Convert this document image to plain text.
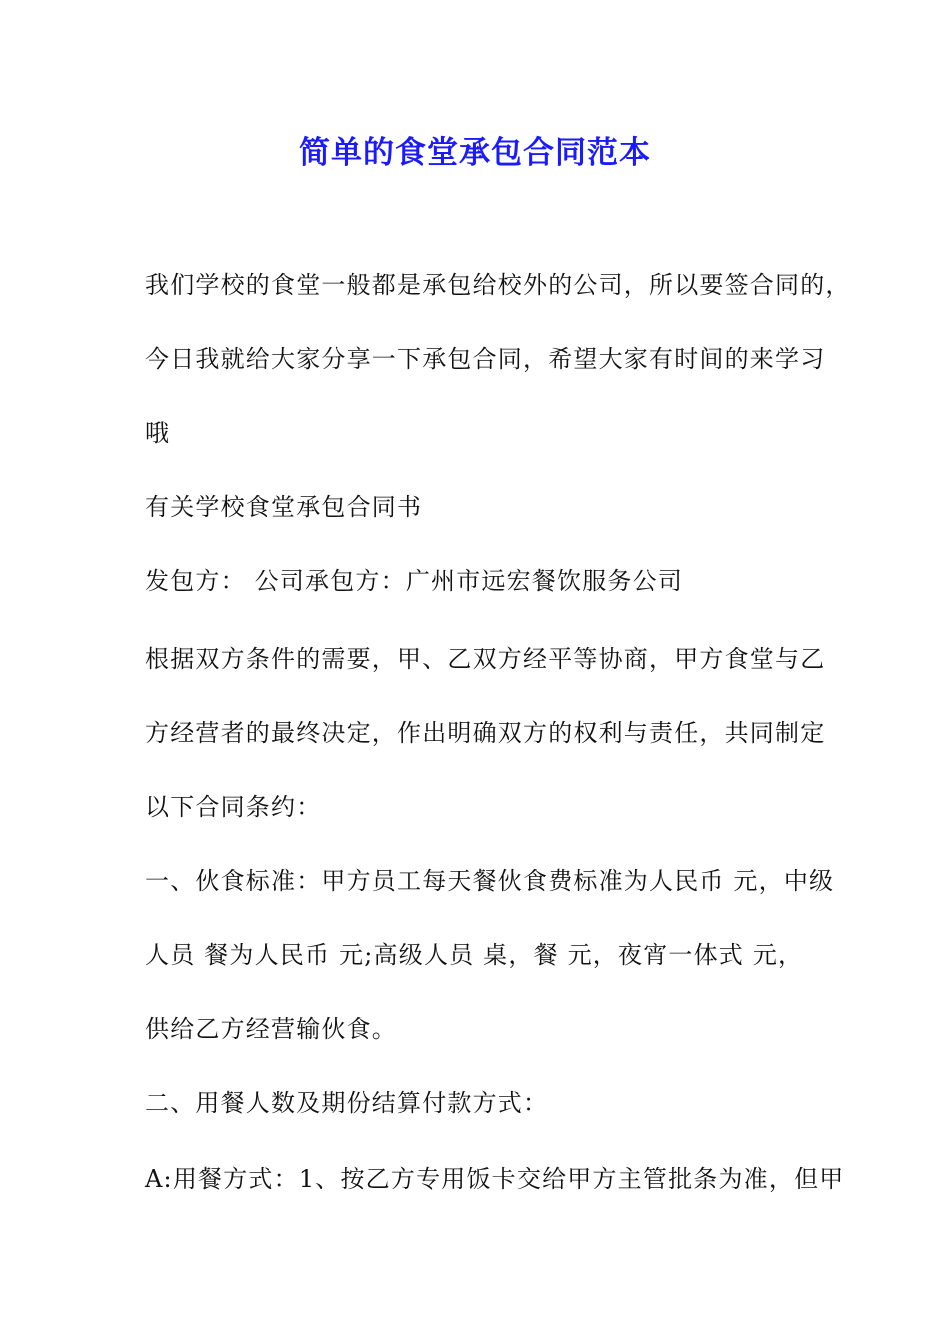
简单的食堂承包合同范本
我们学校的食堂一般都是承包给校外的公司，所以要签合同的，
今日我就给大家分享一下承包合同，希望大家有时间的来学习
哦
有关学校食堂承包合同书
发包方： 公司承包方：广州市远宏餐饮服务公司
根据双方条件的需要，甲、乙双方经平等协商，甲方食堂与乙
方经营者的最终决定，作出明确双方的权利与责任，共同制定
以下合同条约：
一、伙食标准：甲方员工每天餐伙食费标准为人民币 元，中级
人员 餐为人民币 元;高级人员 桌，餐 元，夜宵一体式 元，
供给乙方经营输伙食。
二、用餐人数及期份结算付款方式：
A:用餐方式：1、按乙方专用饭卡交给甲方主管批条为准，但甲
